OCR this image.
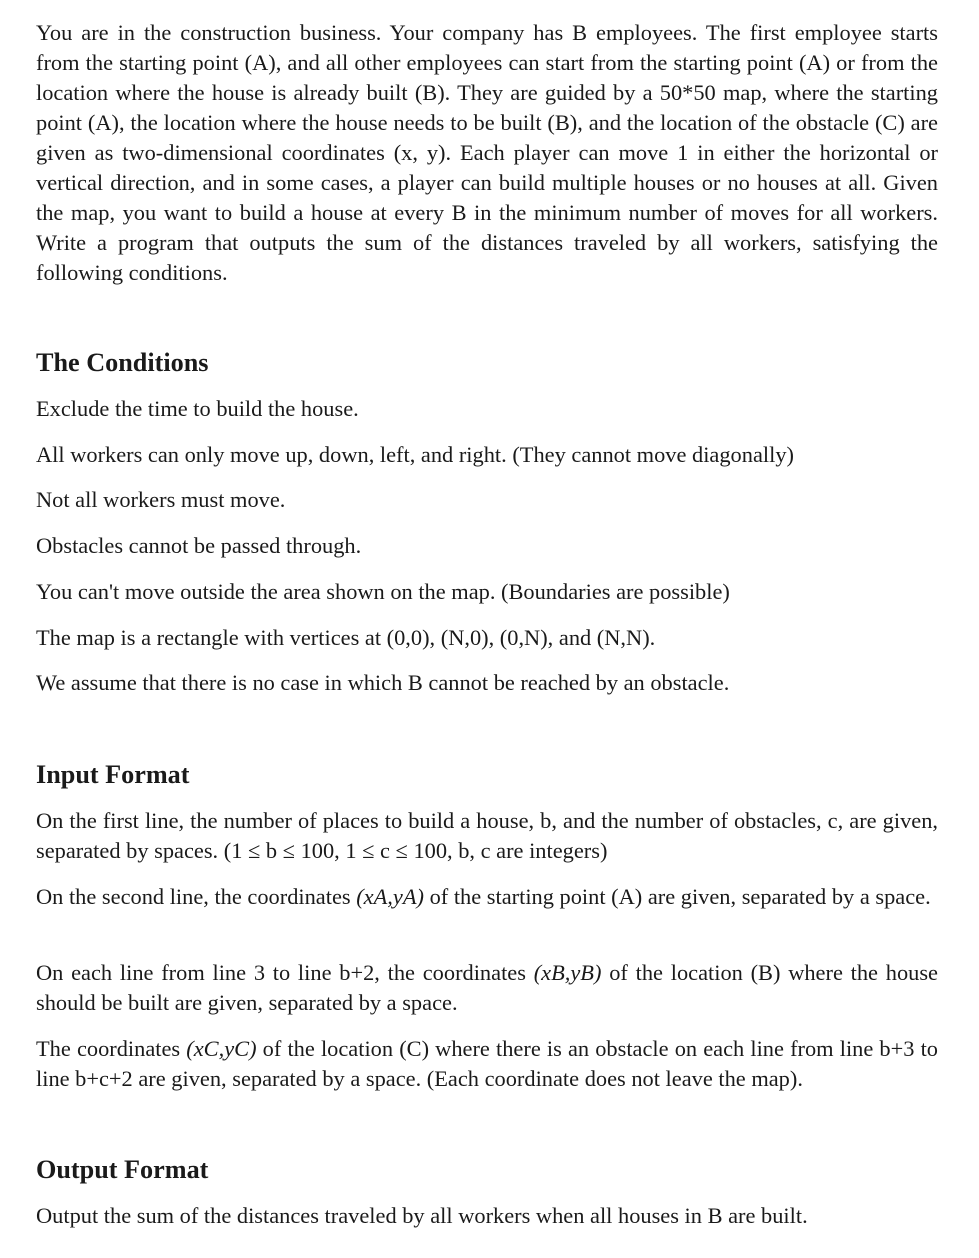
You are in the construction business. Your company has B employees. The first employee starts from the starting point (A), and all other employees can start from the starting point (A) or from the location where the house is already built (B). They are guided by a 50*50 map, where the starting point (A), the location where the house needs to be built (B), and the location of the obstacle (C) are given as two-dimensional coordinates (x, y). Each player can move 1 in either the horizontal or vertical direction, and in some cases, a player can build multiple houses or no houses at all. Given the map, you want to build a house at every B in the minimum number of moves for all workers. Write a program that outputs the sum of the distances traveled by all workers, satisfying the following conditions.

The Conditions

Exclude the time to build the house.

All workers can only move up, down, left, and right. (They cannot move diagonally)

Not all workers must move.

Obstacles cannot be passed through.

You can't move outside the area shown on the map. (Boundaries are possible)

The map is a rectangle with vertices at (0,0), (N,0), (0,N), and (N,N).

We assume that there is no case in which B cannot be reached by an obstacle.

Input Format

On the first line, the number of places to build a house, b, and the number of obstacles, c, are given, separated by spaces. (1 ≤ b ≤ 100, 1 ≤ c ≤ 100, b, c are integers)

On the second line, the coordinates (xA,yA) of the starting point (A) are given, separated by a space.

On each line from line 3 to line b+2, the coordinates (xB,yB) of the location (B) where the house should be built are given, separated by a space.

The coordinates (xC,yC) of the location (C) where there is an obstacle on each line from line b+3 to line b+c+2 are given, separated by a space. (Each coordinate does not leave the map).

Output Format

Output the sum of the distances traveled by all workers when all houses in B are built.
